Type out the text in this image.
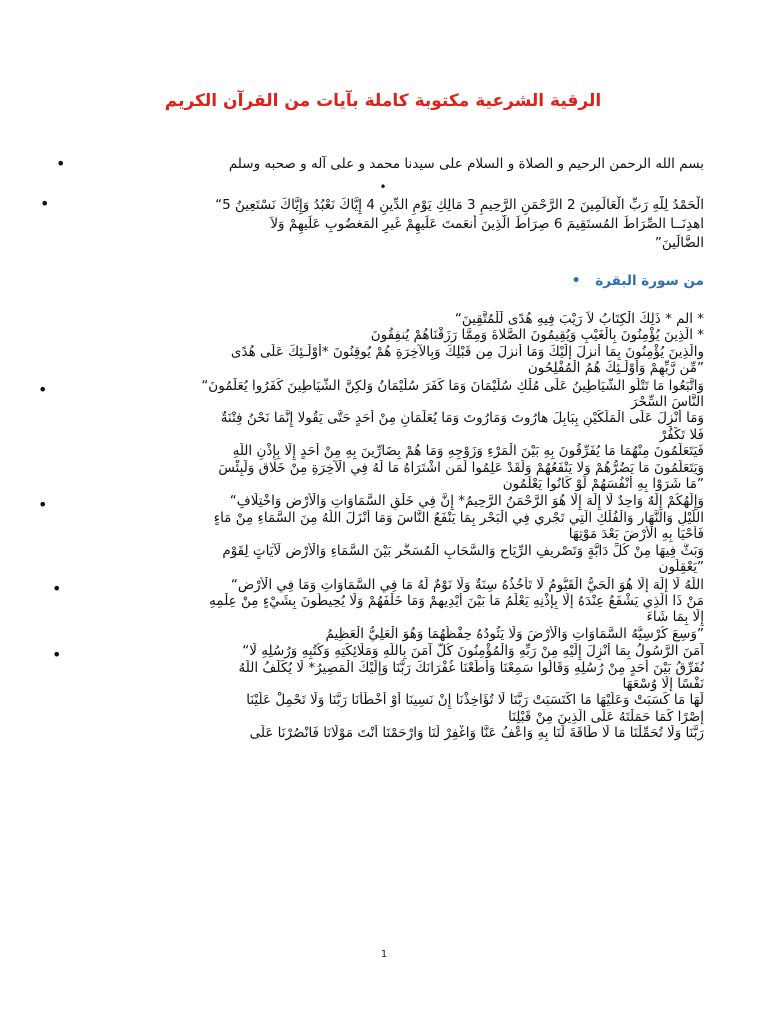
الرقية الشرعية مكتوبة كاملة بآيات من القرآن الكريم
•	بسم الله الرحمن الرحيم و الصلاة و السلام على سيدنا محمد و على آله و صحبه وسلم
•
•	الْحَمْدُ لِلَّهِ رَبِّ الْعَالَمِينَ 2 الرَّحْمَنِ الرَّحِيمِ 3 مَالِكِ يَوْمِ الدِّينِ 4 إِيَّاكَ نَعْبُدُ وَإِيَّاكَ نَسْتَعِينُ 5“
اهدِنَــا الصِّرَاطَ المُستَقِيمَ 6 صِرَاطَ الَّذِينَ أَنعَمتَ عَلَيهِمْ غَيرِ المَغضُوبِ عَلَيهِمْ وَلاَ
الضَّالِّينَ”
من سورة البقرة •
* الم * ذَلِكَ الْكِتَابُ لاَ رَيْبَ فِيهِ هُدًى لِّلْمُتَّقِينَ“
* الَّذِينَ يُؤْمِنُونَ بِالْغَيْبِ وَيُقِيمُونَ الصَّلاةَ وَمِمَّا رَزَقْنَاهُمْ يُنفِقُونَ
والَّذِينَ يُؤْمِنُونَ بِمَا أُنزِلَ إِلَيْكَ وَمَا أُنزِلَ مِن قَبْلِكَ وَبِالآخِرَةِ هُمْ يُوقِنُونَ *أُوْلَـئِكَ عَلَى هُدًى
”مِّن رَّبِّهِمْ وَأُوْلَـئِكَ هُمُ الْمُفْلِحُون
•	وَاتَّبَعُوا مَا تَتْلُو الشَّيَاطِينُ عَلَى مُلْكِ سُلَيْمَانَ وَمَا كَفَرَ سُلَيْمَانُ وَلكِنَّ الشَّيَاطِينَ كَفَرُوا يُعَلِّمُونَ“
النَّاسَ السِّحْرَ
وَمَا أُنْزِلَ عَلَى الْمَلَكَيْنِ بِبَابِلَ هارُوتَ وَمَارُوتَ وَمَا يُعَلِّمَانِ مِنْ أَحَدٍ حَتَّى يَقُولا إِنَّمَا نَحْنُ فِتْنَةٌ
فَلا تَكْفُرْ
فَيَتَعَلَّمُونَ مِنْهُمَا مَا يُفَرِّقُونَ بِهِ بَيْنَ الْمَرْءِ وَزَوْجِهِ وَمَا هُمْ بِضَارِّينَ بِهِ مِنْ أَحَدٍ إِلَّا بِإِذْنِ اللَّهِ
وَيَتَعَلَّمُونَ مَا يَضُرُّهُمْ وَلا يَنْفَعُهُمْ وَلَقَدْ عَلِمُوا لَمَنِ اشْتَرَاهُ مَا لَهُ فِي الْآخِرَةِ مِنْ خَلاقٍ وَلَبِئْسَ
”مَا شَرَوْا بِهِ أَنْفُسَهُمْ لَوْ كَانُوا يَعْلَمُون
•	وَإِلَهُكُمْ إِلَهٌ وَاحِدٌ لَا إِلَهَ إِلَّا هُوَ الرَّحْمَنُ الرَّحِيمُ* إِنَّ فِي خَلْقِ السَّمَاوَاتِ وَالْأَرْضِ وَاخْتِلَافِ“
اللَّيْلِ وَالنَّهَارِ وَالْفُلْكِ الَّتِي تَجْرِي فِي الْبَحْرِ بِمَا يَنْفَعُ النَّاسَ وَمَا أَنْزَلَ اللَّهُ مِنَ السَّمَاءِ مِنْ مَاءٍ
فَأَحْيَا بِهِ الْأَرْضَ بَعْدَ مَوْتِهَا
وَبَثَّ فِيهَا مِنْ كُلِّ دَابَّةٍ وَتَصْرِيفِ الرِّيَاحِ وَالسَّحَابِ الْمُسَخَّرِ بَيْنَ السَّمَاءِ وَالْأَرْضِ لَآيَاتٍ لِقَوْمٍ
”يَعْقِلُون
•	اللَّهُ لَا إِلَهَ إِلَّا هُوَ الْحَيُّ الْقَيُّومُ لَا تَأْخُذُهُ سِنَةٌ وَلَا نَوْمٌ لَهُ مَا فِي السَّمَاوَاتِ وَمَا فِي الْأَرْضِ“
مَنْ ذَا الَّذِي يَشْفَعُ عِنْدَهُ إِلَّا بِإِذْنِهِ يَعْلَمُ مَا بَيْنَ أَيْدِيهِمْ وَمَا خَلْفَهُمْ وَلَا يُحِيطُونَ بِشَيْءٍ مِنْ عِلْمِهِ
إِلَّا بِمَا شَاءَ
”وَسِعَ كُرْسِيُّهُ السَّمَاوَاتِ وَالْأَرْضَ وَلَا يَئُودُهُ حِفْظُهُمَا وَهُوَ الْعَلِيُّ الْعَظِيمُ
•	آمَنَ الرَّسُولُ بِمَا أُنْزِلَ إِلَيْهِ مِنْ رَبِّهِ وَالْمُؤْمِنُونَ كُلٌّ آمَنَ بِاللَّهِ وَمَلَائِكَتِهِ وَكُتُبِهِ وَرُسُلِهِ لَا“
نُفَرِّقُ بَيْنَ أَحَدٍ مِنْ رُسُلِهِ وَقَالُوا سَمِعْنَا وَأَطَعْنَا غُفْرَانَكَ رَبَّنَا وَإِلَيْكَ الْمَصِيرُ* لَا يُكَلِّفُ اللَّهُ
نَفْسًا إِلَّا وُسْعَهَا
لَهَا مَا كَسَبَتْ وَعَلَيْهَا مَا اكْتَسَبَتْ رَبَّنَا لَا تُؤَاخِذْنَا إِنْ نَسِينَا أَوْ أَخْطَأْنَا رَبَّنَا وَلَا تَحْمِلْ عَلَيْنَا
إِصْرًا كَمَا حَمَلْتَهُ عَلَى الَّذِينَ مِنْ قَبْلِنَا
رَبَّنَا وَلَا تُحَمِّلْنَا مَا لَا طَاقَةَ لَنَا بِهِ وَاعْفُ عَنَّا وَاغْفِرْ لَنَا وَارْحَمْنَا أَنْتَ مَوْلَانَا فَانْصُرْنَا عَلَى
1
